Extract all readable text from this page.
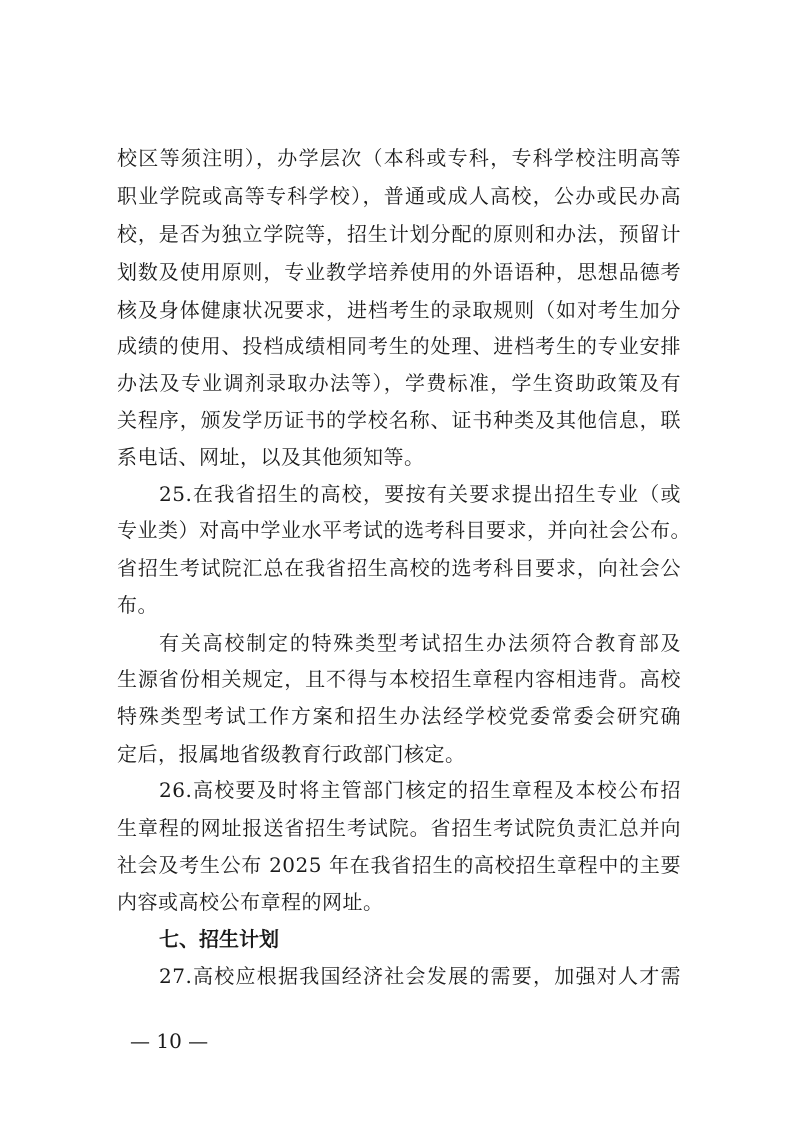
校区等须注明），办学层次（本科或专科，专科学校注明高等
职业学院或高等专科学校），普通或成人高校，公办或民办高
校，是否为独立学院等，招生计划分配的原则和办法，预留计
划数及使用原则，专业教学培养使用的外语语种，思想品德考
核及身体健康状况要求，进档考生的录取规则（如对考生加分
成绩的使用、投档成绩相同考生的处理、进档考生的专业安排
办法及专业调剂录取办法等），学费标准，学生资助政策及有
关程序，颁发学历证书的学校名称、证书种类及其他信息，联
系电话、网址，以及其他须知等。
25.在我省招生的高校，要按有关要求提出招生专业（或
专业类）对高中学业水平考试的选考科目要求，并向社会公布。
省招生考试院汇总在我省招生高校的选考科目要求，向社会公
布。
有关高校制定的特殊类型考试招生办法须符合教育部及
生源省份相关规定，且不得与本校招生章程内容相违背。高校
特殊类型考试工作方案和招生办法经学校党委常委会研究确
定后，报属地省级教育行政部门核定。
26.高校要及时将主管部门核定的招生章程及本校公布招
生章程的网址报送省招生考试院。省招生考试院负责汇总并向
社会及考生公布 2025 年在我省招生的高校招生章程中的主要
内容或高校公布章程的网址。
七、招生计划
27.高校应根据我国经济社会发展的需要，加强对人才需
— 10 —
